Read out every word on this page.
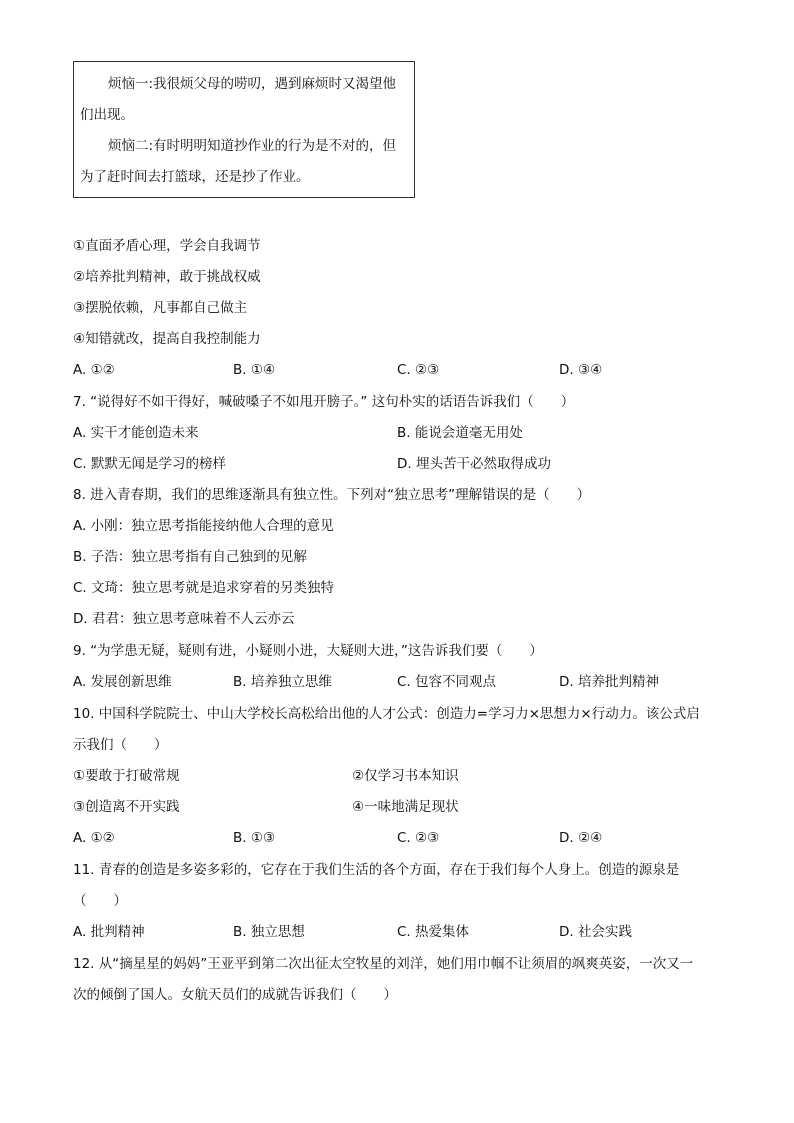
烦恼一:我很烦父母的唠叨，遇到麻烦时又渴望他
们出现。
烦恼二:有时明明知道抄作业的行为是不对的，但
为了赶时间去打篮球，还是抄了作业。
①直面矛盾心理，学会自我调节
②培养批判精神，敢于挑战权威
③摆脱依赖，凡事都自己做主
④知错就改，提高自我控制能力
A. ①②	B. ①④	C. ②③	D. ③④
7. “说得好不如干得好，喊破嗓子不如甩开膀子。” 这句朴实的话语告诉我们（　　）
A. 实干才能创造未来	B. 能说会道毫无用处
C. 默默无闻是学习的榜样	D. 埋头苦干必然取得成功
8. 进入青春期，我们的思维逐渐具有独立性。下列对“独立思考”理解错误的是（　　）
A. 小刚：独立思考指能接纳他人合理的意见
B. 子浩：独立思考指有自己独到的见解
C. 文琦：独立思考就是追求穿着的另类独特
D. 君君：独立思考意味着不人云亦云
9. “为学患无疑，疑则有进，小疑则小进，大疑则大进，”这告诉我们要（　　）
A. 发展创新思维	B. 培养独立思维	C. 包容不同观点	D. 培养批判精神
10. 中国科学院院士、中山大学校长高松给出他的人才公式：创造力=学习力×思想力×行动力。该公式启
示我们（　　）
①要敢于打破常规	②仅学习书本知识
③创造离不开实践	④一味地满足现状
A. ①②	B. ①③	C. ②③	D. ②④
11. 青春的创造是多姿多彩的，它存在于我们生活的各个方面，存在于我们每个人身上。创造的源泉是
（　　）
A. 批判精神	B. 独立思想	C. 热爱集体	D. 社会实践
12. 从“摘星星的妈妈”王亚平到第二次出征太空牧星的刘洋，她们用巾帼不让须眉的飒爽英姿，一次又一
次的倾倒了国人。女航天员们的成就告诉我们（　　）
